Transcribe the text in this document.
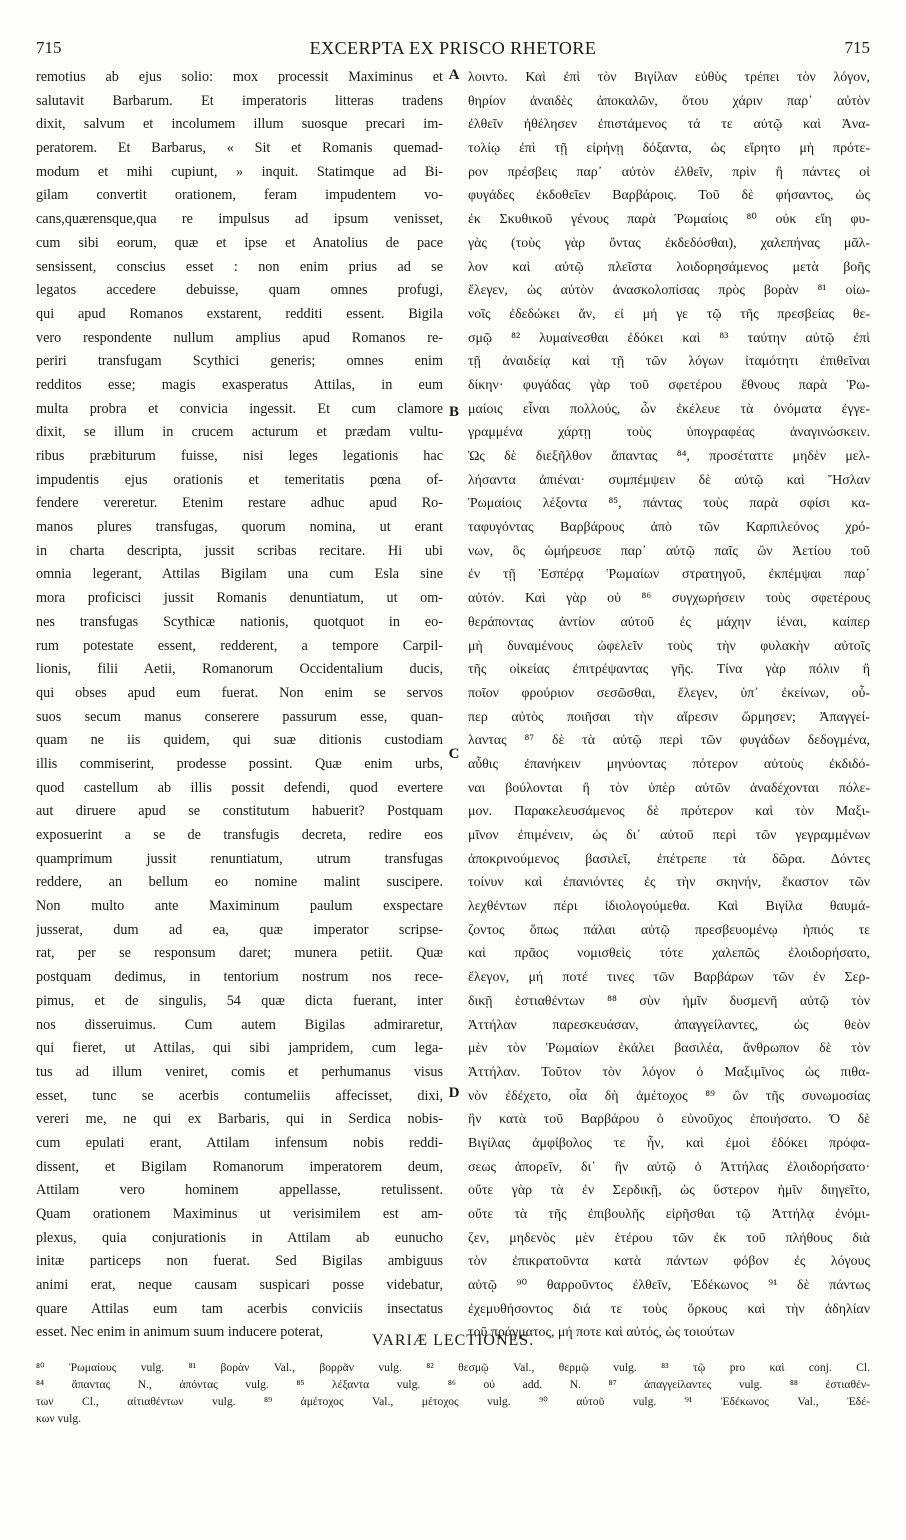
715	EXCERPTA EX PRISCO RHETORE	715
remotius ab ejus solio: mox processit Maximinus et
salutavit Barbarum. Et imperatoris litteras tradens
dixit, salvum et incolumem illum suosque precari im-
peratorem. Et Barbarus, « Sit et Romanis quemad-
modum et mihi cupiunt, » inquit. Statimque ad Bi-
gilam convertit orationem, feram impudentem vo-
cans,quærensque,qua re impulsus ad ipsum venisset,
cum sibi eorum, quæ et ipse et Anatolius de pace
sensissent, conscius esset : non enim prius ad se
legatos accedere debuisse, quam omnes profugi,
qui apud Romanos exstarent, redditi essent. Bigila
vero respondente nullum amplius apud Romanos re-
periri transfugam Scythici generis; omnes enim
redditos esse; magis exasperatus Attilas, in eum
multa probra et convicia ingessit. Et cum clamore
dixit, se illum in crucem acturum et prædam vultu-
ribus præbiturum fuisse, nisi leges legationis hac
impudentis ejus orationis et temeritatis pœna of-
fendere vereretur. Etenim restare adhuc apud Ro-
manos plures transfugas, quorum nomina, ut erant
in charta descripta, jussit scribas recitare. Hi ubi
omnia legerant, Attilas Bigilam una cum Esla sine
mora proficisci jussit Romanis denuntiatum, ut om-
nes transfugas Scythicæ nationis, quotquot in eo-
rum potestate essent, redderent, a tempore Carpil-
lionis, filii Aetii, Romanorum Occidentalium ducis,
qui obses apud eum fuerat. Non enim se servos
suos secum manus conserere passurum esse, quan-
quam ne iis quidem, qui suæ ditionis custodiam
illis commiserint, prodesse possint. Quæ enim urbs,
quod castellum ab illis possit defendi, quod evertere
aut diruere apud se constitutum habuerit? Postquam
exposuerint a se de transfugis decreta, redire eos
quamprimum jussit renuntiatum, utrum transfugas
reddere, an bellum eo nomine malint suscipere.
Non multo ante Maximinum paulum exspectare
jusserat, dum ad ea, quæ imperator scripse-
rat, per se responsum daret; munera petiit. Quæ
postquam dedimus, in tentorium nostrum nos rece-
pimus, et de singulis, 54 quæ dicta fuerant, inter
nos disseruimus. Cum autem Bigilas admiraretur,
qui fieret, ut Attilas, qui sibi jampridem, cum lega-
tus ad illum veniret, comis et perhumanus visus
esset, tunc se acerbis contumeliis affecisset, dixi,
vereri me, ne qui ex Barbaris, qui in Serdica nobis-
cum epulati erant, Attilam infensum nobis reddi-
dissent, et Bigilam Romanorum imperatorem deum,
Attilam vero hominem appellasse, retulissent.
Quam orationem Maximinus ut verisimilem est am-
plexus, quia conjurationis in Attilam ab eunucho
initæ particeps non fuerat. Sed Bigilas ambiguus
animi erat, neque causam suspicari posse videbatur,
quare Attilas eum tam acerbis conviciis insectatus
esset. Nec enim in animum suum inducere poterat,
A
B
C
D
λοιντο. Καὶ ἐπὶ τὸν Βιγίλαν εὐθὺς τρέπει τὸν λόγον,
θηρίον ἀναιδὲς ἀποκαλῶν, ὅτου χάριν παρ᾽ αὐτὸν
ἐλθεῖν ἠθέλησεν ἐπιστάμενος τά τε αὐτῷ καὶ Ἀνα-
τολίῳ ἐπὶ τῇ εἰρήνῃ δόξαντα, ὡς εἴρητο μὴ πρότε-
ρον πρέσβεις παρ᾽ αὐτὸν ἐλθεῖν, πρὶν ἢ πάντες οἱ
φυγάδες ἐκδοθεῖεν Βαρβάροις. Τοῦ δὲ φήσαντος, ὡς
ἐκ Σκυθικοῦ γένους παρὰ Ῥωμαίοις ⁸⁰ οὐκ εἴη φυ-
γὰς (τοὺς γὰρ ὄντας ἐκδεδόσθαι), χαλεπήνας μᾶλ-
λον καὶ αὐτῷ πλεῖστα λοιδορησάμενος μετὰ βοῆς
ἔλεγεν, ὡς αὐτὸν ἀνασκολοπίσας πρὸς βορὰν ⁸¹ οἰω-
νοῖς ἐδεδώκει ἄν, εἰ μή γε τῷ τῆς πρεσβείας θε-
σμῷ ⁸² λυμαίνεσθαι ἐδόκει καὶ ⁸³ ταύτην αὐτῷ ἐπὶ
τῇ ἀναιδείᾳ καὶ τῇ τῶν λόγων ἰταμότητι ἐπιθεῖναι
δίκην· φυγάδας γὰρ τοῦ σφετέρου ἔθνους παρὰ Ῥω-
μαίοις εἶναι πολλούς, ὧν ἐκέλευε τὰ ὀνόματα ἐγγε-
γραμμένα χάρτῃ τοὺς ὑπογραφέας ἀναγινώσκειν.
Ὡς δὲ διεξῆλθον ἅπαντας ⁸⁴, προσέταττε μηδὲν μελ-
λήσαντα ἀπιέναι· συμπέμψειν δὲ αὐτῷ καὶ Ἤσλαν
Ῥωμαίοις λέξοντα ⁸⁵, πάντας τοὺς παρὰ σφίσι κα-
ταφυγόντας Βαρβάρους ἀπὸ τῶν Καρπιλεόνος χρό-
νων, ὃς ὡμήρευσε παρ᾽ αὐτῷ παῖς ὢν Ἀετίου τοῦ
ἐν τῇ Ἑσπέρᾳ Ῥωμαίων στρατηγοῦ, ἐκπέμψαι παρ᾽
αὐτόν. Καὶ γὰρ οὐ ⁸⁶ συγχωρήσειν τοὺς σφετέρους
θεράποντας ἀντίον αὐτοῦ ἐς μάχην ἰέναι, καίπερ
μὴ δυναμένους ὠφελεῖν τοὺς τὴν φυλακὴν αὐτοῖς
τῆς οἰκείας ἐπιτρέψαντας γῆς. Τίνα γὰρ πόλιν ἢ
ποῖον φρούριον σεσῶσθαι, ἔλεγεν, ὑπ᾽ ἐκείνων, οὗ-
περ αὐτὸς ποιῆσαι τὴν αἵρεσιν ὥρμησεν; Ἀπαγγεί-
λαντας ⁸⁷ δὲ τὰ αὐτῷ περὶ τῶν φυγάδων δεδογμένα,
αὖθις ἐπανήκειν μηνύοντας πότερον αὐτοὺς ἐκδιδό-
ναι βούλονται ἢ τὸν ὑπὲρ αὐτῶν ἀναδέχονται πόλε-
μον. Παρακελευσάμενος δὲ πρότερον καὶ τὸν Μαξι-
μῖνον ἐπιμένειν, ὡς δι᾽ αὐτοῦ περὶ τῶν γεγραμμένων
ἀποκρινούμενος βασιλεῖ, ἐπέτρεπε τὰ δῶρα. Δόντες
τοίνυν καὶ ἐπανιόντες ἐς τὴν σκηνήν, ἕκαστον τῶν
λεχθέντων πέρι ἰδιολογούμεθα. Καὶ Βιγίλα θαυμά-
ζοντος ὅπως πάλαι αὐτῷ πρεσβευομένῳ ἠπιός τε
καὶ πρᾶος νομισθεὶς τότε χαλεπῶς ἐλοιδορήσατο,
ἔλεγον, μή ποτέ τινες τῶν Βαρβάρων τῶν ἐν Σερ-
δικῇ ἑστιαθέντων ⁸⁸ σὺν ἡμῖν δυσμενῆ αὐτῷ τὸν
Ἀττήλαν παρεσκευάσαν, ἀπαγγείλαντες, ὡς θεὸν
μὲν τὸν Ῥωμαίων ἐκάλει βασιλέα, ἄνθρωπον δὲ τὸν
Ἀττήλαν. Τοῦτον τὸν λόγον ὁ Μαξιμῖνος ὡς πιθα-
νὸν ἐδέχετο, οἷα δὴ ἀμέτοχος ⁸⁹ ὢν τῆς συνωμοσίας
ἣν κατὰ τοῦ Βαρβάρου ὁ εὐνοῦχος ἐποιήσατο. Ὁ δὲ
Βιγίλας ἀμφίβολος τε ἦν, καὶ ἐμοὶ ἐδόκει πρόφα-
σεως ἀπορεῖν, δι᾽ ἣν αὐτῷ ὁ Ἀττήλας ἐλοιδορήσατο·
οὔτε γὰρ τὰ ἐν Σερδικῇ, ὡς ὕστερον ἡμῖν διηγεῖτο,
οὔτε τὰ τῆς ἐπιβουλῆς εἰρῆσθαι τῷ Ἀττήλᾳ ἐνόμι-
ζεν, μηδενὸς μὲν ἑτέρου τῶν ἐκ τοῦ πλήθους διὰ
τὸν ἐπικρατοῦντα κατὰ πάντων φόβον ἐς λόγους
αὐτῷ ⁹⁰ θαρροῦντος ἐλθεῖν, Ἐδέκωνος ⁹¹ δὲ πάντως
ἐχεμυθήσοντος διά τε τοὺς ὅρκους καὶ τὴν ἀδηλίαν
τοῦ πράγματος, μή ποτε καὶ αὐτός, ὡς τοιούτων
VARIÆ LECTIONES.
⁸⁰ Ῥωμαίους vulg. ⁸¹ βορὰν Val., βορρᾶν vulg. ⁸² θεσμῷ Val., θερμῷ vulg. ⁸³ τῷ pro καὶ conj. Cl.
⁸⁴ ἅπαντας N., ἀπόντας vulg. ⁸⁵ λέξαντα vulg. ⁸⁶ οὐ add. N. ⁸⁷ ἀπαγγείλαντες vulg. ⁸⁸ ἑστιαθέν-
των Cl., αἰτιαθέντων vulg. ⁸⁹ ἀμέτοχος Val., μέτοχος vulg. ⁹⁰ αὐτοῦ vulg. ⁹¹ Ἐδέκωνος Val., Ἐδέ-
κων vulg.
